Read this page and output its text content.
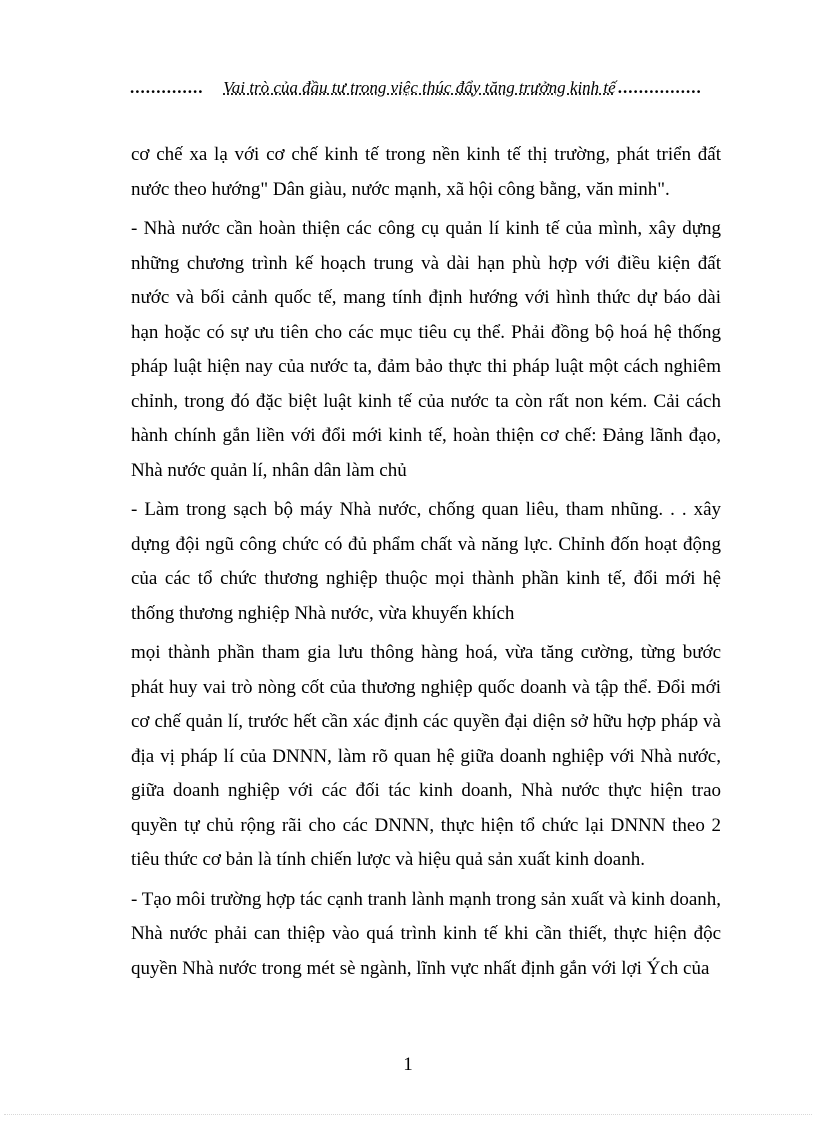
..............	Vai trò của đầu tư trong việc thúc đẩy tăng trưởng kinh tế ................

cơ chế xa lạ với cơ chế kinh tế trong nền kinh tế thị trường, phát triển đất nước theo hướng" Dân giàu, nước mạnh, xã hội công bằng, văn minh".

- Nhà nước cần hoàn thiện các công cụ quản lí kinh tế của mình, xây dựng những chương trình kế hoạch trung và dài hạn phù hợp với điều kiện đất nước và bối cảnh quốc tế, mang tính định hướng với hình thức dự báo dài hạn hoặc có sự ưu tiên cho các mục tiêu cụ thể. Phải đồng bộ hoá hệ thống pháp luật hiện nay của nước ta, đảm bảo thực thi pháp luật một cách nghiêm chỉnh, trong đó đặc biệt luật kinh tế của nước ta còn rất non kém. Cải cách hành chính gắn liền với đổi mới kinh tế, hoàn thiện cơ chế: Đảng lãnh đạo, Nhà nước quản lí, nhân dân làm chủ

- Làm trong sạch bộ máy Nhà nước, chống quan liêu, tham nhũng. . . xây dựng đội ngũ công chức có đủ phẩm chất và năng lực. Chỉnh đốn hoạt động của các tổ chức thương nghiệp thuộc mọi thành phần kinh tế, đổi mới hệ thống thương nghiệp Nhà nước, vừa khuyến khích

mọi thành phần tham gia lưu thông hàng hoá, vừa tăng cường, từng bước phát huy vai trò nòng cốt của thương nghiệp quốc doanh và tập thể. Đổi mới cơ chế quản lí, trước hết cần xác định các quyền đại diện sở hữu hợp pháp và địa vị pháp lí của DNNN, làm rõ quan hệ giữa doanh nghiệp với Nhà nước, giữa doanh nghiệp với các đối tác kinh doanh, Nhà nước thực hiện trao quyền tự chủ rộng rãi cho các DNNN, thực hiện tổ chức lại DNNN theo 2 tiêu thức cơ bản là tính chiến lược và hiệu quả sản xuất kinh doanh.

- Tạo môi trường hợp tác cạnh tranh lành mạnh trong sản xuất và kinh doanh, Nhà nước phải can thiệp vào quá trình kinh tế khi cần thiết, thực hiện độc quyền Nhà nước trong mét sè ngành, lĩnh vực nhất định gắn với lợi Ých của

1
